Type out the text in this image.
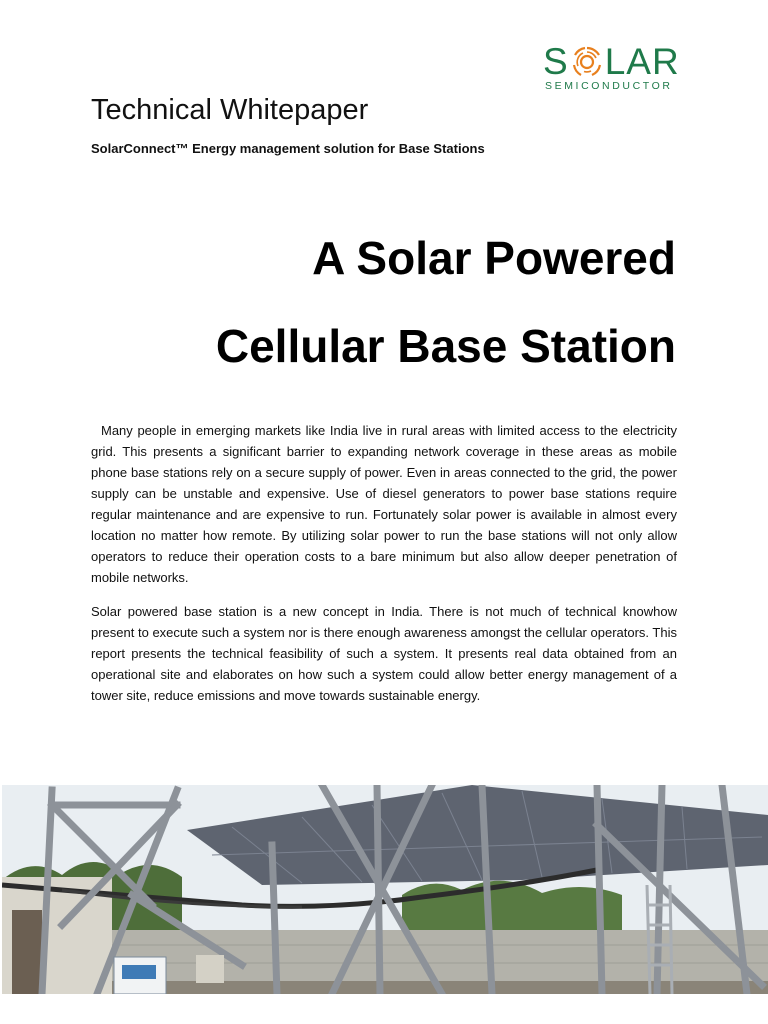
S LAR
SEMICONDUCTOR
Technical Whitepaper
SolarConnect™ Energy management solution for Base Stations
A Solar Powered
Cellular Base Station

Many people in emerging markets like India live in rural areas with limited access to the electricity grid. This presents a significant barrier to expanding network coverage in these areas as mobile phone base stations rely on a secure supply of power. Even in areas connected to the grid, the power supply can be unstable and expensive. Use of diesel generators to power base stations require regular maintenance and are expensive to run. Fortunately solar power is available in almost every location no matter how remote. By utilizing solar power to run the base stations will not only allow operators to reduce their operation costs to a bare minimum but also allow deeper penetration of mobile networks.

Solar powered base station is a new concept in India. There is not much of technical knowhow present to execute such a system nor is there enough awareness amongst the cellular operators. This report presents the technical feasibility of such a system. It presents real data obtained from an operational site and elaborates on how such a system could allow better energy management of a tower site, reduce emissions and move towards sustainable energy.
